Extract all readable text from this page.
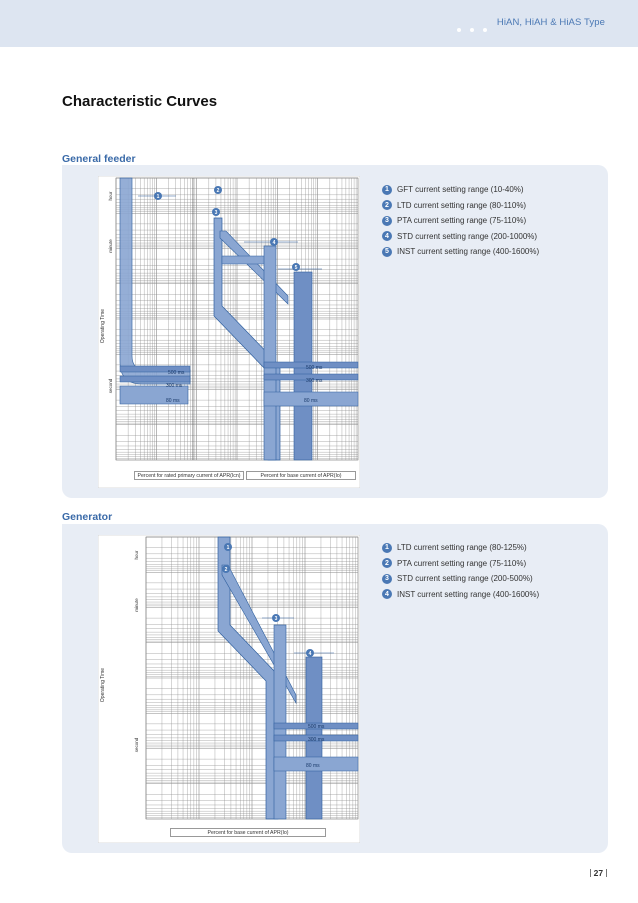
HiAN, HiAH & HiAS Type
Characteristic Curves
General feeder
1
2
3
4
5
Operating Time
hour
minute
second
500 ms
300 ms
80 ms
500 ms
300 ms
80 ms
Percent for rated primary current of APR(Icn)	Percent for base current of APR(Io)
1	GFT current setting range (10-40%)
2	LTD current setting range (80-110%)
3	PTA current setting range (75-110%)
4	STD current setting range (200-1000%)
5	INST current setting range (400-1600%)
Generator
1
2
3
4
Operating Time
hour
minute
second
500 ms
300 ms
80 ms
Percent for base current of APR(Io)
1	LTD current setting range (80-125%)
2	PTA current setting range (75-110%)
3	STD current setting range (200-500%)
4	INST current setting range (400-1600%)
27
